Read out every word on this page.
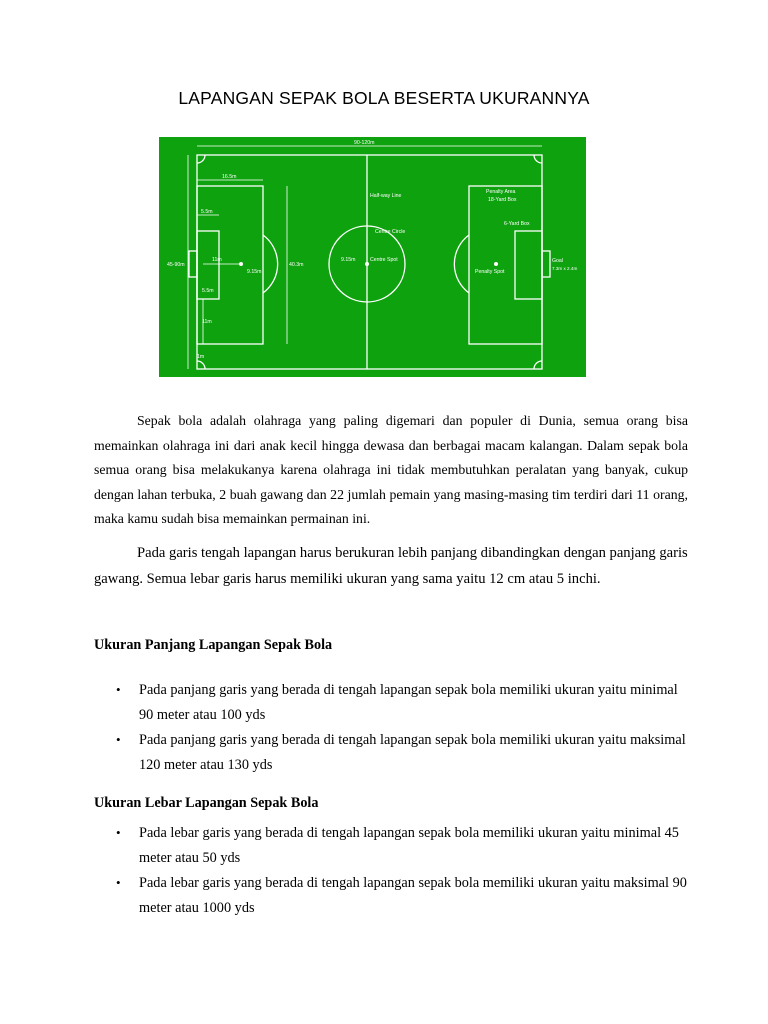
LAPANGAN SEPAK BOLA BESERTA UKURANNYA
90-120m
16.5m
5.5m
45-90m	40.3m
11m
9.15m
5.5m
11m
1m
9.15m
Half-way Line
Centre Circle
Centre Spot
Penalty Area
18-Yard Box
6-Yard Box
Penalty Spot
Goal
7.3m x 2.4m

Sepak bola adalah olahraga yang paling digemari dan populer di Dunia, semua orang bisa memainkan olahraga ini dari anak kecil hingga dewasa dan berbagai macam kalangan. Dalam sepak bola semua orang bisa melakukanya karena olahraga ini tidak membutuhkan peralatan yang banyak, cukup dengan lahan terbuka, 2 buah gawang dan 22 jumlah pemain yang masing-masing tim terdiri dari 11 orang, maka kamu sudah bisa memainkan permainan ini.

Pada garis tengah lapangan harus berukuran lebih panjang dibandingkan dengan panjang garis gawang. Semua lebar garis harus memiliki ukuran yang sama yaitu 12 cm atau 5 inchi.

Ukuran Panjang Lapangan Sepak Bola
• Pada panjang garis yang berada di tengah lapangan sepak bola memiliki ukuran yaitu minimal 90 meter atau 100 yds
• Pada panjang garis yang berada di tengah lapangan sepak bola memiliki ukuran yaitu maksimal 120 meter atau 130 yds
Ukuran Lebar Lapangan Sepak Bola
• Pada lebar garis yang berada di tengah lapangan sepak bola memiliki ukuran yaitu minimal 45 meter atau 50 yds
• Pada lebar garis yang berada di tengah lapangan sepak bola memiliki ukuran yaitu maksimal 90 meter atau 1000 yds
